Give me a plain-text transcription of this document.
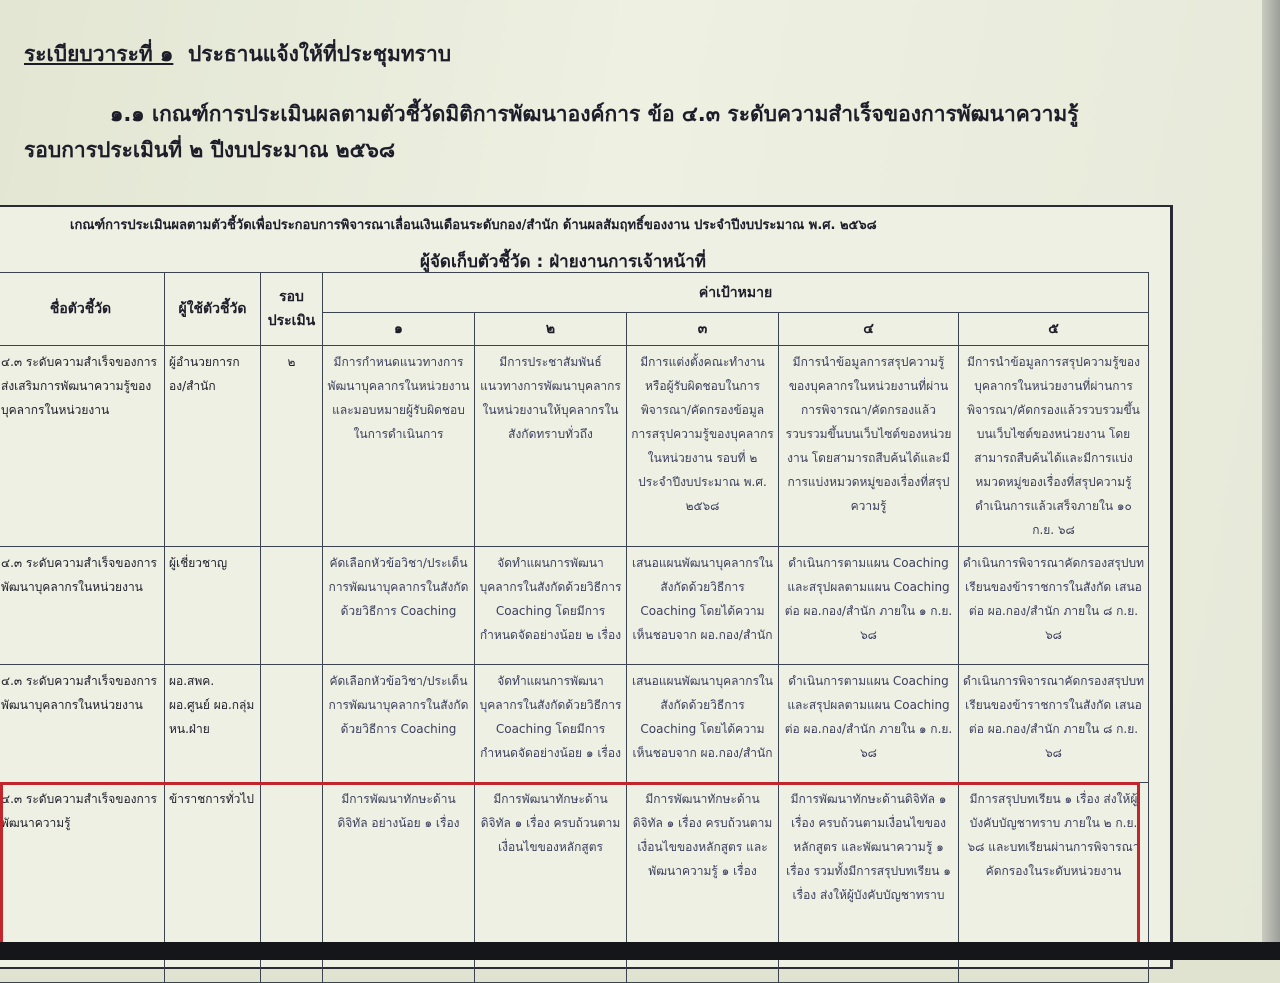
ระเบียบวาระที่ ๑ ประธานแจ้งให้ที่ประชุมทราบ
๑.๑ เกณฑ์การประเมินผลตามตัวชี้วัดมิติการพัฒนาองค์การ ข้อ ๔.๓ ระดับความสำเร็จของการพัฒนาความรู้
รอบการประเมินที่ ๒ ปีงบประมาณ ๒๕๖๘
เกณฑ์การประเมินผลตามตัวชี้วัดเพื่อประกอบการพิจารณาเลื่อนเงินเดือนระดับกอง/สำนัก ด้านผลสัมฤทธิ์ของงาน ประจำปีงบประมาณ พ.ศ. ๒๕๖๘
ผู้จัดเก็บตัวชี้วัด : ฝ่ายงานการเจ้าหน้าที่
ชื่อตัวชี้วัด	ผู้ใช้ตัวชี้วัด	รอบ ประเมิน	ค่าเป้าหมาย				
			๑	๒	๓	๔	๕
๔.๓ ระดับความสำเร็จของการส่งเสริมการพัฒนาความรู้ของบุคลากรในหน่วยงาน	ผู้อำนวยการกอง/สำนัก	๒	มีการกำหนดแนวทางการพัฒนาบุคลากรในหน่วยงานและมอบหมายผู้รับผิดชอบในการดำเนินการ	มีการประชาสัมพันธ์แนวทางการพัฒนาบุคลากรในหน่วยงานให้บุคลากรในสังกัดทราบทั่วถึง	มีการแต่งตั้งคณะทำงานหรือผู้รับผิดชอบในการพิจารณา/คัดกรองข้อมูลการสรุปความรู้ของบุคลากรในหน่วยงาน รอบที่ ๒ ประจำปีงบประมาณ พ.ศ. ๒๕๖๘	มีการนำข้อมูลการสรุปความรู้ของบุคลากรในหน่วยงานที่ผ่านการพิจารณา/คัดกรองแล้วรวบรวมขึ้นบนเว็บไซต์ของหน่วยงาน โดยสามารถสืบค้นได้และมีการแบ่งหมวดหมู่ของเรื่องที่สรุปความรู้	มีการนำข้อมูลการสรุปความรู้ของบุคลากรในหน่วยงานที่ผ่านการพิจารณา/คัดกรองแล้วรวบรวมขึ้นบนเว็บไซต์ของหน่วยงาน โดยสามารถสืบค้นได้และมีการแบ่งหมวดหมู่ของเรื่องที่สรุปความรู้ ดำเนินการแล้วเสร็จภายใน ๑๐ ก.ย. ๖๘
๔.๓ ระดับความสำเร็จของการพัฒนาบุคลากรในหน่วยงาน	ผู้เชี่ยวชาญ		คัดเลือกหัวข้อวิชา/ประเด็นการพัฒนาบุคลากรในสังกัดด้วยวิธีการ Coaching	จัดทำแผนการพัฒนาบุคลากรในสังกัดด้วยวิธีการ Coaching โดยมีการกำหนดจัดอย่างน้อย ๒ เรื่อง	เสนอแผนพัฒนาบุคลากรในสังกัดด้วยวิธีการ Coaching โดยได้ความเห็นชอบจาก ผอ.กอง/สำนัก	ดำเนินการตามแผน Coaching และสรุปผลตามแผน Coaching ต่อ ผอ.กอง/สำนัก ภายใน ๑ ก.ย. ๖๘	ดำเนินการพิจารณาคัดกรองสรุปบทเรียนของข้าราชการในสังกัด เสนอต่อ ผอ.กอง/สำนัก ภายใน ๘ ก.ย. ๖๘
๔.๓ ระดับความสำเร็จของการพัฒนาบุคลากรในหน่วยงาน	ผอ.สพค. ผอ.ศูนย์ ผอ.กลุ่ม หน.ฝ่าย		คัดเลือกหัวข้อวิชา/ประเด็นการพัฒนาบุคลากรในสังกัดด้วยวิธีการ Coaching	จัดทำแผนการพัฒนาบุคลากรในสังกัดด้วยวิธีการ Coaching โดยมีการกำหนดจัดอย่างน้อย ๑ เรื่อง	เสนอแผนพัฒนาบุคลากรในสังกัดด้วยวิธีการ Coaching โดยได้ความเห็นชอบจาก ผอ.กอง/สำนัก	ดำเนินการตามแผน Coaching และสรุปผลตามแผน Coaching ต่อ ผอ.กอง/สำนัก ภายใน ๑ ก.ย. ๖๘	ดำเนินการพิจารณาคัดกรองสรุปบทเรียนของข้าราชการในสังกัด เสนอต่อ ผอ.กอง/สำนัก ภายใน ๘ ก.ย. ๖๘
๔.๓ ระดับความสำเร็จของการพัฒนาความรู้	ข้าราชการทั่วไป		มีการพัฒนาทักษะด้านดิจิทัล อย่างน้อย ๑ เรื่อง	มีการพัฒนาทักษะด้านดิจิทัล ๑ เรื่อง ครบถ้วนตามเงื่อนไขของหลักสูตร	มีการพัฒนาทักษะด้านดิจิทัล ๑ เรื่อง ครบถ้วนตามเงื่อนไขของหลักสูตร และพัฒนาความรู้ ๑ เรื่อง	มีการพัฒนาทักษะด้านดิจิทัล ๑ เรื่อง ครบถ้วนตามเงื่อนไขของหลักสูตร และพัฒนาความรู้ ๑ เรื่อง รวมทั้งมีการสรุปบทเรียน ๑ เรื่อง ส่งให้ผู้บังคับบัญชาทราบ	มีการสรุปบทเรียน ๑ เรื่อง ส่งให้ผู้บังคับบัญชาทราบ ภายใน ๒ ก.ย. ๖๘ และบทเรียนผ่านการพิจารณาคัดกรองในระดับหน่วยงาน
